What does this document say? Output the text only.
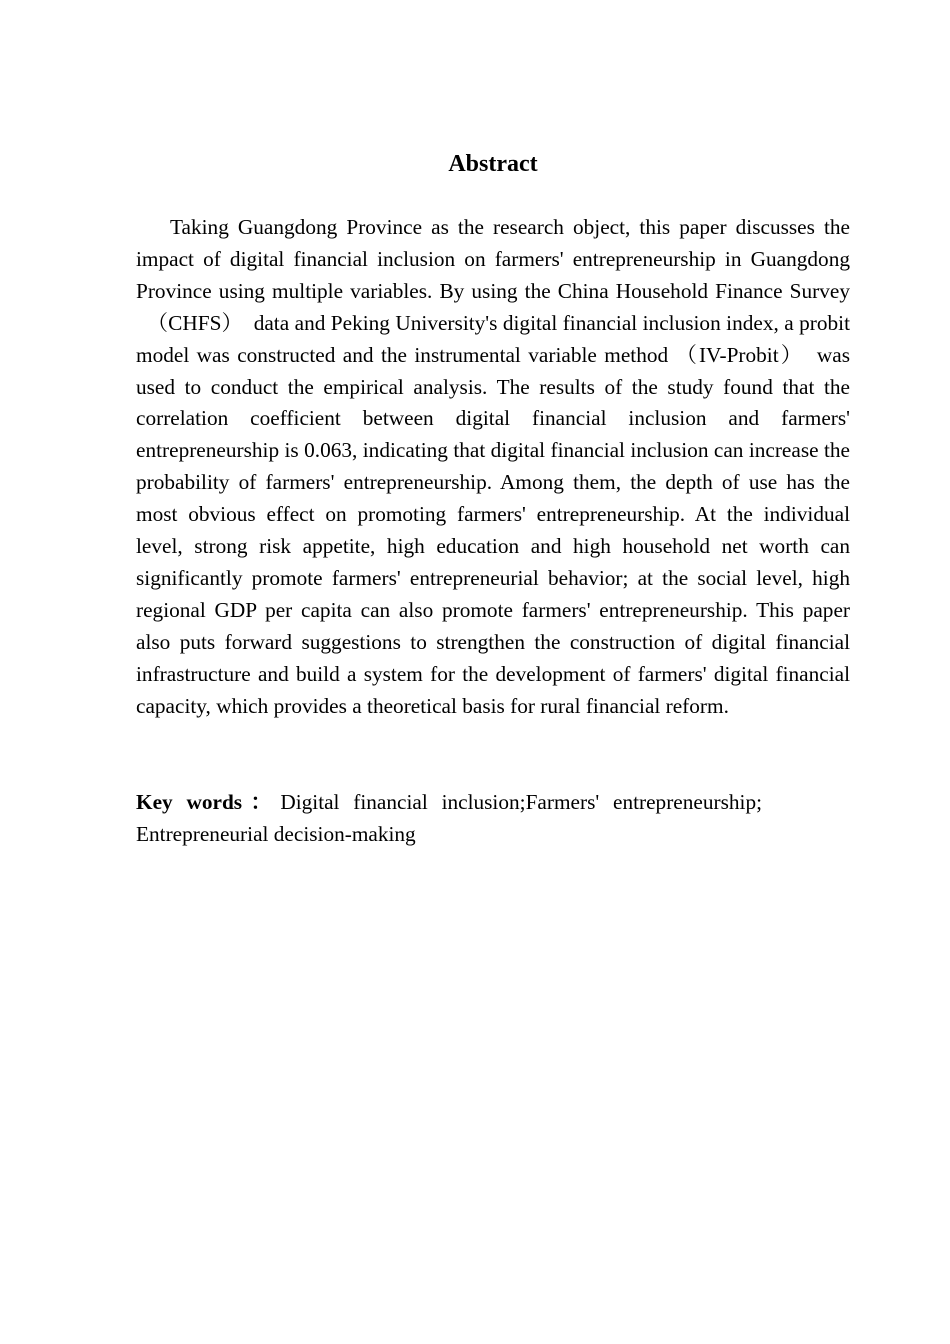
Abstract

Taking Guangdong Province as the research object, this paper discusses the impact of digital financial inclusion on farmers' entrepreneurship in Guangdong Province using multiple variables. By using the China Household Finance Survey 　（CHFS）　data and Peking University's digital financial inclusion index, a probit model was constructed and the instrumental variable method （IV-Probit）　was used to conduct the empirical analysis. The results of the study found that the correlation coefficient between digital financial inclusion and farmers' entrepreneurship is 0.063, indicating that digital financial inclusion can increase the probability of farmers' entrepreneurship. Among them, the depth of use has the most obvious effect on promoting farmers' entrepreneurship. At the individual level, strong risk appetite, high education and high household net worth can significantly promote farmers' entrepreneurial behavior; at the social level, high regional GDP per capita can also promote farmers' entrepreneurship. This paper also puts forward suggestions to strengthen the construction of digital financial infrastructure and build a system for the development of farmers' digital financial capacity, which provides a theoretical basis for rural financial reform.

Key words：Digital financial inclusion;Farmers' entrepreneurship; Entrepreneurial decision-making
